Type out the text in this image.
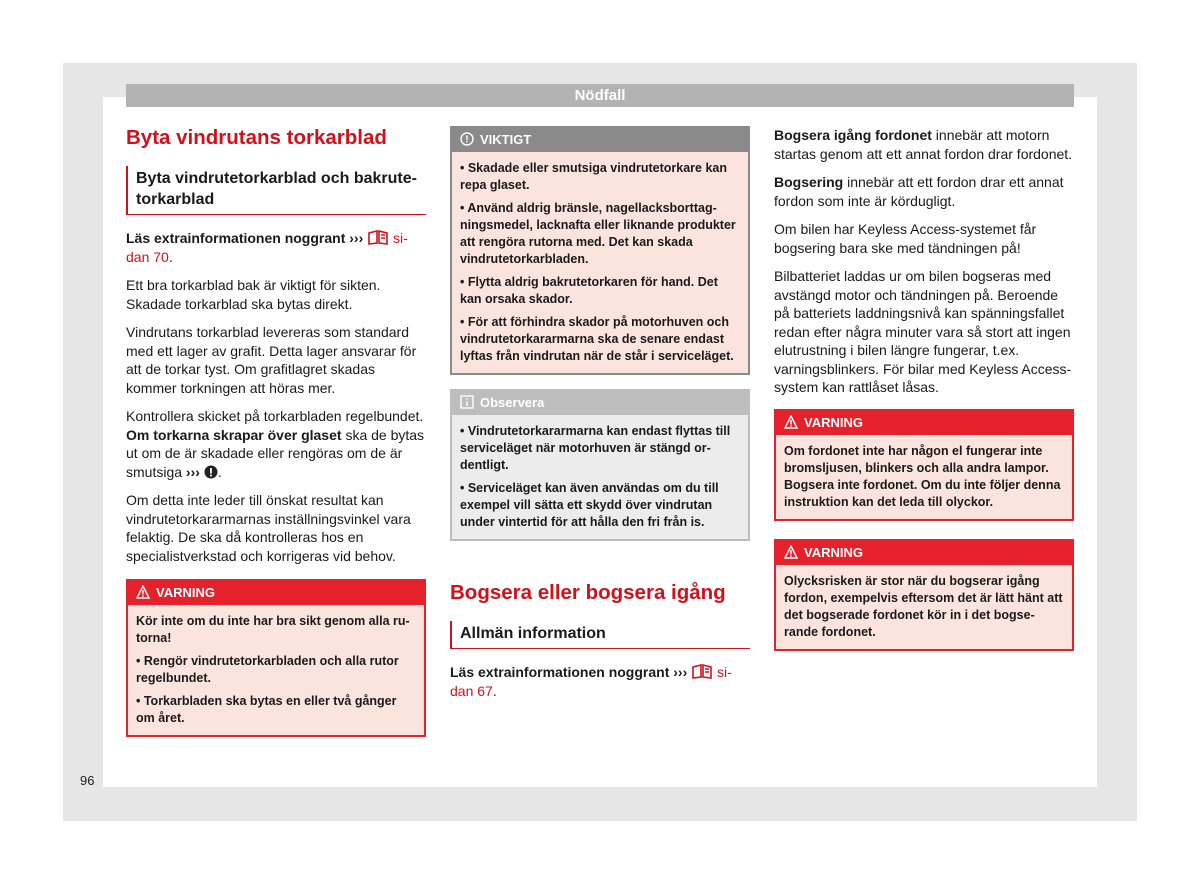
Nödfall
Byta vindrutans torkarblad
Byta vindrutetorkarblad och bakrutetorkarblad

Läs extrainformationen noggrant ››› sidan 70.

Ett bra torkarblad bak är viktigt för sikten. Skadade torkarblad ska bytas direkt.

Vindrutans torkarblad levereras som standard med ett lager av grafit. Detta lager ansvarar för att de torkar tyst. Om grafitlagret skadas kommer torkningen att höras mer.

Kontrollera skicket på torkarbladen regelbundet. Om torkarna skrapar över glaset ska de bytas ut om de är skadade eller rengöras om de är smutsiga ››› .

Om detta inte leder till önskat resultat kan vindrutetorkararmarnas inställningsvinkel vara felaktig. De ska då kontrolleras hos en specialistverkstad och korrigeras vid behov.

VARNING

Kör inte om du inte har bra sikt genom alla rutorna!

• Rengör vindrutetorkarbladen och alla rutor regelbundet.

• Torkarbladen ska bytas en eller två gånger om året.

VIKTIGT

• Skadade eller smutsiga vindrutetorkare kan repa glaset.

• Använd aldrig bränsle, nagellacksborttagningsmedel, lacknafta eller liknande produkter att rengöra rutorna med. Det kan skada vindrutetorkarbladen.

• Flytta aldrig bakrutetorkaren för hand. Det kan orsaka skador.

• För att förhindra skador på motorhuven och vindrutetorkararmarna ska de senare endast lyftas från vindrutan när de står i serviceläget.

Observera

• Vindrutetorkararmarna kan endast flyttas till serviceläget när motorhuven är stängd ordentligt.

• Serviceläget kan även användas om du till exempel vill sätta ett skydd över vindrutan under vintertid för att hålla den fri från is.

Bogsera eller bogsera igång
Allmän information

Läs extrainformationen noggrant ››› sidan 67.

Bogsera igång fordonet innebär att motorn startas genom att ett annat fordon drar fordonet.

Bogsering innebär att ett fordon drar ett annat fordon som inte är kördugligt.

Om bilen har Keyless Access-systemet får bogsering bara ske med tändningen på!

Bilbatteriet laddas ur om bilen bogseras med avstängd motor och tändningen på. Beroende på batteriets laddningsnivå kan spänningsfallet redan efter några minuter vara så stort att ingen elutrustning i bilen längre fungerar, t.ex. varningsblinkers. För bilar med Keyless Access-system kan rattlåset låsas.

VARNING

Om fordonet inte har någon el fungerar inte bromsljusen, blinkers och alla andra lampor. Bogsera inte fordonet. Om du inte följer denna instruktion kan det leda till olyckor.

VARNING

Olycksrisken är stor när du bogserar igång fordon, exempelvis eftersom det är lätt hänt att det bogserade fordonet kör in i det bogserande fordonet.

96
